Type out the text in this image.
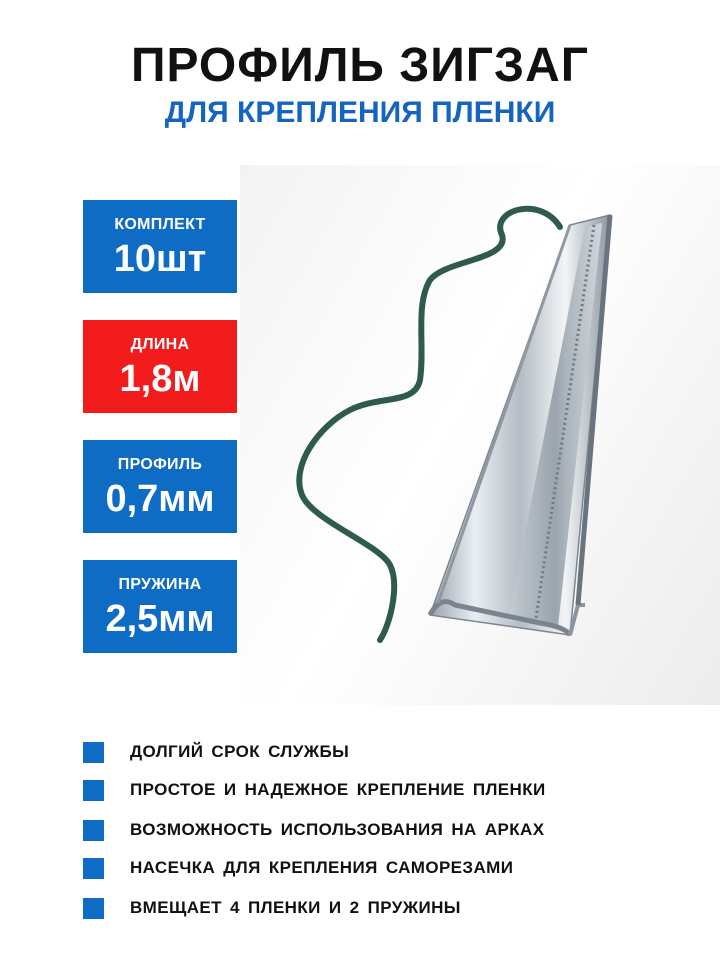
ПРОФИЛЬ ЗИГЗАГ
ДЛЯ КРЕПЛЕНИЯ ПЛЕНКИ
КОМПЛЕКТ
10шт
ДЛИНА
1,8м
ПРОФИЛЬ
0,7мм
ПРУЖИНА
2,5мм
ДОЛГИЙ СРОК СЛУЖБЫ
ПРОСТОЕ И НАДЕЖНОЕ КРЕПЛЕНИЕ ПЛЕНКИ
ВОЗМОЖНОСТЬ ИСПОЛЬЗОВАНИЯ НА АРКАХ
НАСЕЧКА ДЛЯ КРЕПЛЕНИЯ САМОРЕЗАМИ
ВМЕЩАЕТ 4 ПЛЕНКИ И 2 ПРУЖИНЫ
